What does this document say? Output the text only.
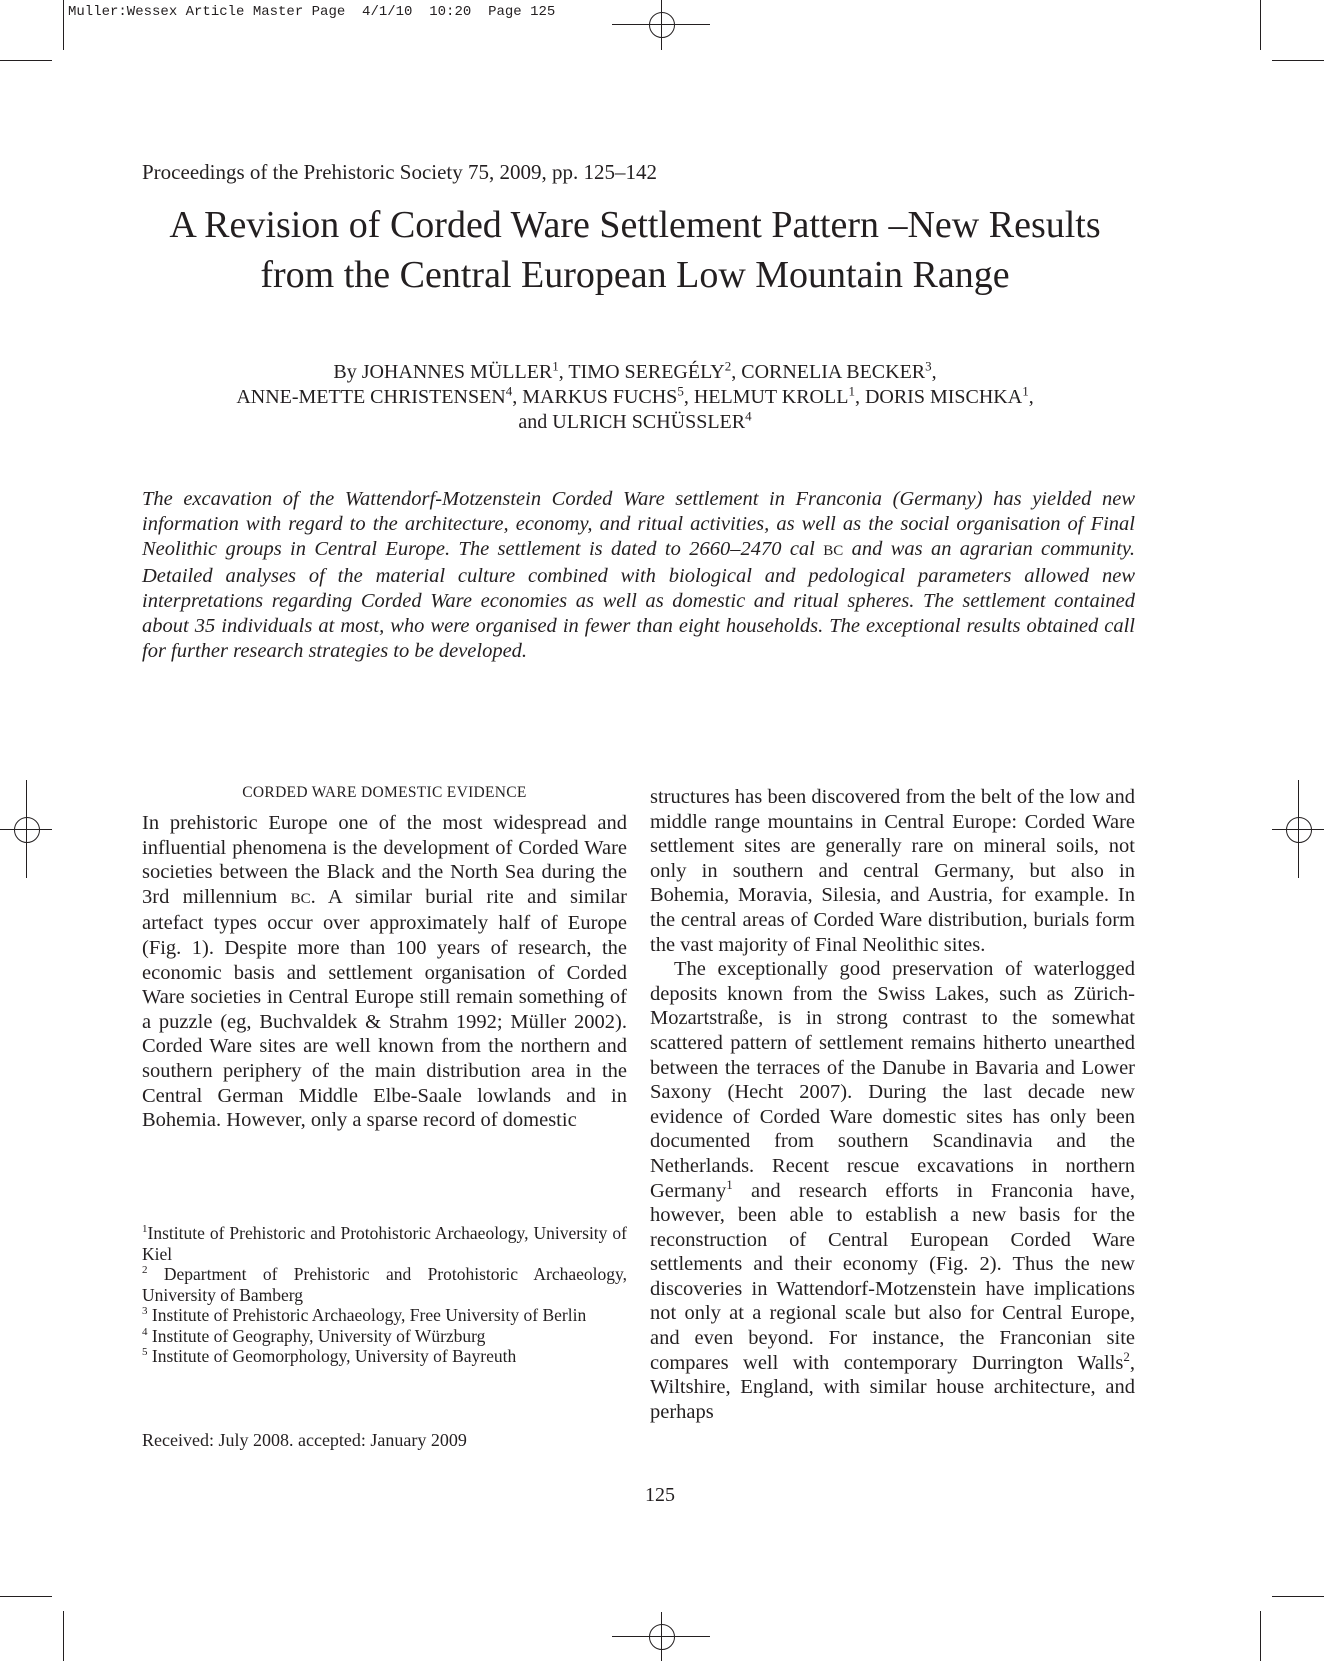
Muller:Wessex Article Master Page  4/1/10  10:20  Page 125
Proceedings of the Prehistoric Society 75, 2009, pp. 125–142
A Revision of Corded Ware Settlement Pattern –New Results from the Central European Low Mountain Range
By JOHANNES MÜLLER$^1$, TIMO SEREGÉLY$^2$, CORNELIA BECKER$^3$,
ANNE-METTE CHRISTENSEN$^4$, MARKUS FUCHS$^5$, HELMUT KROLL$^1$, DORIS MISCHKA$^1$,
and ULRICH SCHÜSSLER$^4$
The excavation of the Wattendorf-Motzenstein Corded Ware settlement in Franconia (Germany) has yielded new information with regard to the architecture, economy, and ritual activities, as well as the social organisation of Final Neolithic groups in Central Europe. The settlement is dated to 2660–2470 cal BC and was an agrarian community. Detailed analyses of the material culture combined with biological and pedological parameters allowed new interpretations regarding Corded Ware economies as well as domestic and ritual spheres. The settlement contained about 35 individuals at most, who were organised in fewer than eight households. The exceptional results obtained call for further research strategies to be developed.
CORDED WARE DOMESTIC EVIDENCE
In prehistoric Europe one of the most widespread and influential phenomena is the development of Corded Ware societies between the Black and the North Sea during the 3rd millennium BC. A similar burial rite and similar artefact types occur over approximately half of Europe (Fig. 1). Despite more than 100 years of research, the economic basis and settlement organisation of Corded Ware societies in Central Europe still remain something of a puzzle (eg, Buchvaldek & Strahm 1992; Müller 2002). Corded Ware sites are well known from the northern and southern periphery of the main distribution area in the Central German Middle Elbe-Saale lowlands and in Bohemia. However, only a sparse record of domestic

$^1$Institute of Prehistoric and Protohistoric Archaeology, University of Kiel

$^2$ Department of Prehistoric and Protohistoric Archaeology, University of Bamberg

$^3$ Institute of Prehistoric Archaeology, Free University of Berlin

$^4$ Institute of Geography, University of Würzburg

$^5$ Institute of Geomorphology, University of Bayreuth

Received: July 2008. accepted: January 2009

structures has been discovered from the belt of the low and middle range mountains in Central Europe: Corded Ware settlement sites are generally rare on mineral soils, not only in southern and central Germany, but also in Bohemia, Moravia, Silesia, and Austria, for example. In the central areas of Corded Ware distribution, burials form the vast majority of Final Neolithic sites.

The exceptionally good preservation of waterlogged deposits known from the Swiss Lakes, such as Zürich-Mozartstraße, is in strong contrast to the somewhat scattered pattern of settlement remains hitherto unearthed between the terraces of the Danube in Bavaria and Lower Saxony (Hecht 2007). During the last decade new evidence of Corded Ware domestic sites has only been documented from southern Scandinavia and the Netherlands. Recent rescue excavations in northern Germany$^1$ and research efforts in Franconia have, however, been able to establish a new basis for the reconstruction of Central European Corded Ware settlements and their economy (Fig. 2). Thus the new discoveries in Wattendorf-Motzenstein have implications not only at a regional scale but also for Central Europe, and even beyond. For instance, the Franconian site compares well with contemporary Durrington Walls$^2$, Wiltshire, England, with similar house architecture, and perhaps

125
